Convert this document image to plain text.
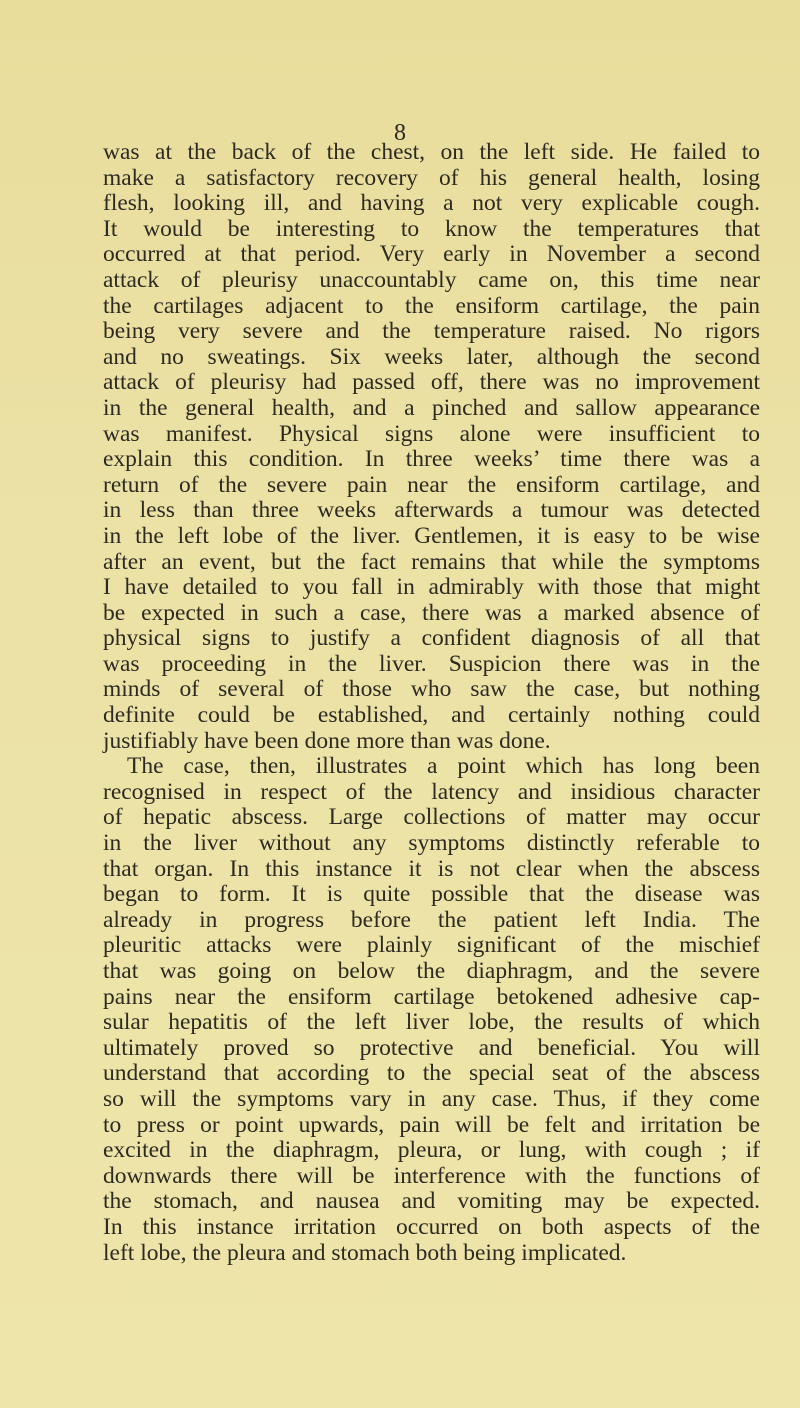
8
was at the back of the chest, on the left side. He failed to
make a satisfactory recovery of his general health, losing
flesh, looking ill, and having a not very explicable cough.
It would be interesting to know the temperatures that
occurred at that period. Very early in November a second
attack of pleurisy unaccountably came on, this time near
the cartilages adjacent to the ensiform cartilage, the pain
being very severe and the temperature raised. No rigors
and no sweatings. Six weeks later, although the second
attack of pleurisy had passed off, there was no improvement
in the general health, and a pinched and sallow appearance
was manifest. Physical signs alone were insufficient to
explain this condition. In three weeks’ time there was a
return of the severe pain near the ensiform cartilage, and
in less than three weeks afterwards a tumour was detected
in the left lobe of the liver. Gentlemen, it is easy to be wise
after an event, but the fact remains that while the symptoms
I have detailed to you fall in admirably with those that might
be expected in such a case, there was a marked absence of
physical signs to justify a confident diagnosis of all that
was proceeding in the liver. Suspicion there was in the
minds of several of those who saw the case, but nothing
definite could be established, and certainly nothing could
justifiably have been done more than was done.
The case, then, illustrates a point which has long been
recognised in respect of the latency and insidious character
of hepatic abscess. Large collections of matter may occur
in the liver without any symptoms distinctly referable to
that organ. In this instance it is not clear when the abscess
began to form. It is quite possible that the disease was
already in progress before the patient left India. The
pleuritic attacks were plainly significant of the mischief
that was going on below the diaphragm, and the severe
pains near the ensiform cartilage betokened adhesive cap-
sular hepatitis of the left liver lobe, the results of which
ultimately proved so protective and beneficial. You will
understand that according to the special seat of the abscess
so will the symptoms vary in any case. Thus, if they come
to press or point upwards, pain will be felt and irritation be
excited in the diaphragm, pleura, or lung, with cough ; if
downwards there will be interference with the functions of
the stomach, and nausea and vomiting may be expected.
In this instance irritation occurred on both aspects of the
left lobe, the pleura and stomach both being implicated.
